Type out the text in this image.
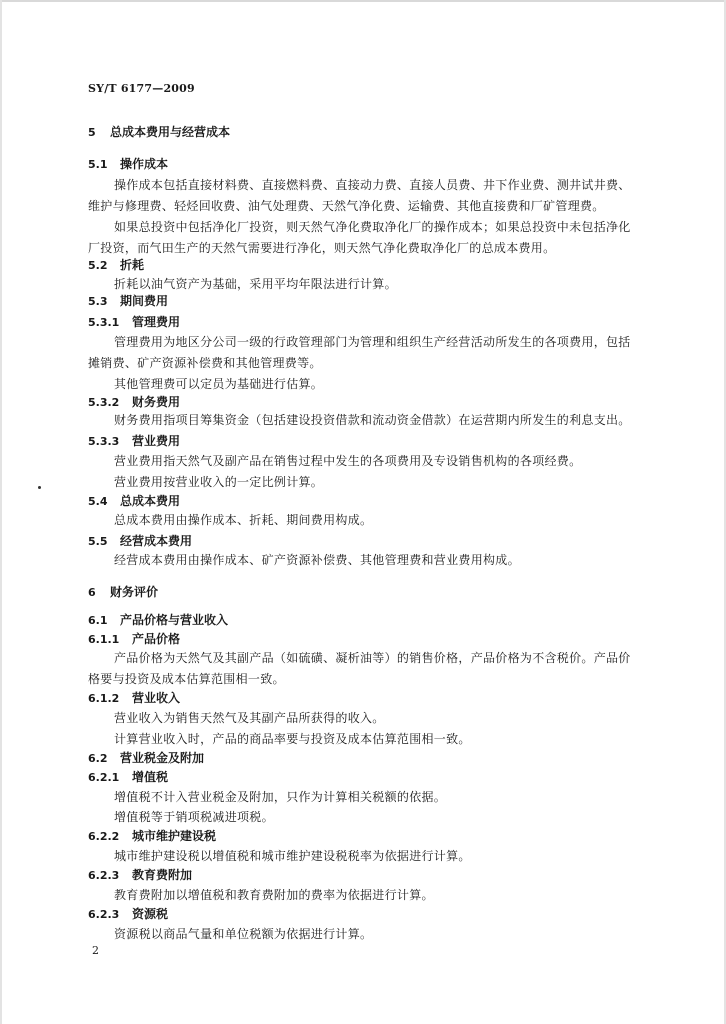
SY/T 6177—2009
5 总成本费用与经营成本
5.1 操作成本
操作成本包括直接材料费、直接燃料费、直接动力费、直接人员费、井下作业费、测井试井费、
维护与修理费、轻烃回收费、油气处理费、天然气净化费、运输费、其他直接费和厂矿管理费。
如果总投资中包括净化厂投资，则天然气净化费取净化厂的操作成本；如果总投资中未包括净化
厂投资，而气田生产的天然气需要进行净化，则天然气净化费取净化厂的总成本费用。
5.2 折耗
折耗以油气资产为基础，采用平均年限法进行计算。
5.3 期间费用
5.3.1 管理费用
管理费用为地区分公司一级的行政管理部门为管理和组织生产经营活动所发生的各项费用，包括
摊销费、矿产资源补偿费和其他管理费等。
其他管理费可以定员为基础进行估算。
5.3.2 财务费用
财务费用指项目筹集资金（包括建设投资借款和流动资金借款）在运营期内所发生的利息支出。
5.3.3 营业费用
营业费用指天然气及副产品在销售过程中发生的各项费用及专设销售机构的各项经费。
营业费用按营业收入的一定比例计算。
5.4 总成本费用
总成本费用由操作成本、折耗、期间费用构成。
5.5 经营成本费用
经营成本费用由操作成本、矿产资源补偿费、其他管理费和营业费用构成。
6 财务评价
6.1 产品价格与营业收入
6.1.1 产品价格
产品价格为天然气及其副产品（如硫磺、凝析油等）的销售价格，产品价格为不含税价。产品价
格要与投资及成本估算范围相一致。
6.1.2 营业收入
营业收入为销售天然气及其副产品所获得的收入。
计算营业收入时，产品的商品率要与投资及成本估算范围相一致。
6.2 营业税金及附加
6.2.1 增值税
增值税不计入营业税金及附加，只作为计算相关税额的依据。
增值税等于销项税减进项税。
6.2.2 城市维护建设税
城市维护建设税以增值税和城市维护建设税税率为依据进行计算。
6.2.3 教育费附加
教育费附加以增值税和教育费附加的费率为依据进行计算。
6.2.3 资源税
资源税以商品气量和单位税额为依据进行计算。
2
